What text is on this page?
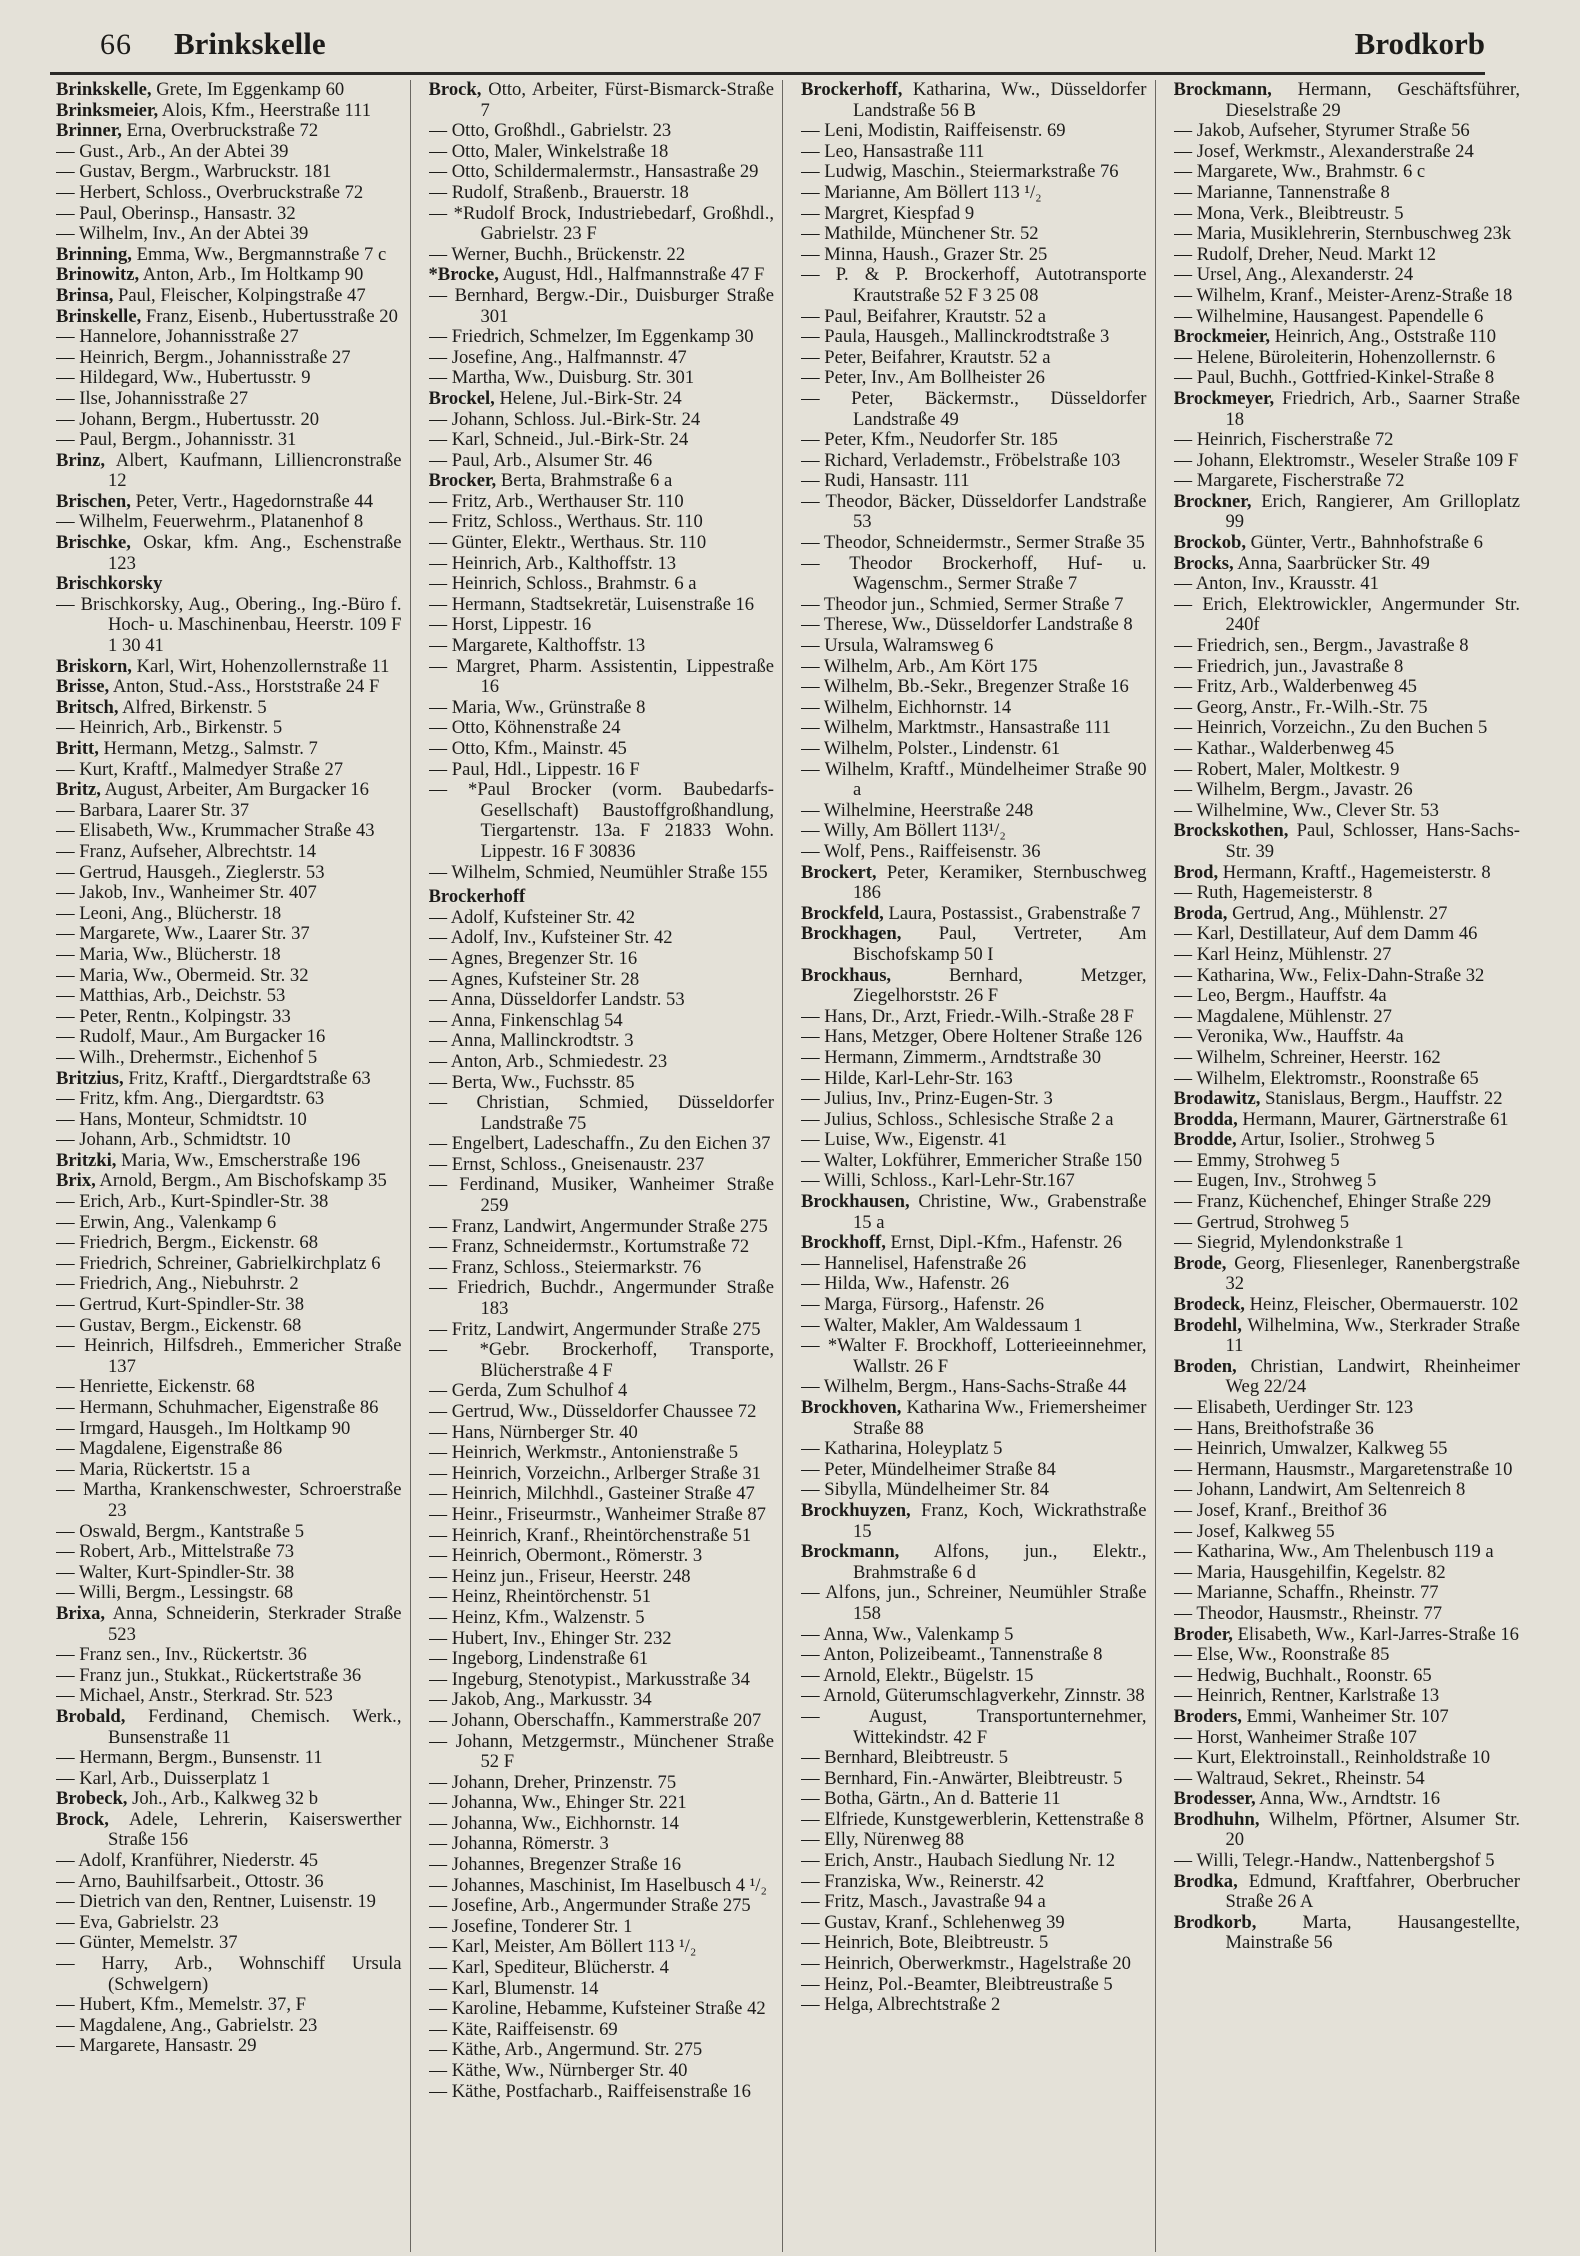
66 Brinkskelle	Brodkorb

Brinkskelle, Grete, Im Eggenkamp 60

Brinksmeier, Alois, Kfm., Heerstraße 111

Brinner, Erna, Overbruckstraße 72

— Gust., Arb., An der Abtei 39

— Gustav, Bergm., Warbruckstr. 181

— Herbert, Schloss., Overbruckstraße 72

— Paul, Oberinsp., Hansastr. 32

— Wilhelm, Inv., An der Abtei 39

Brinning, Emma, Ww., Bergmannstraße 7 c

Brinowitz, Anton, Arb., Im Holtkamp 90

Brinsa, Paul, Fleischer, Kolpingstraße 47

Brinskelle, Franz, Eisenb., Hubertusstraße 20

— Hannelore, Johannisstraße 27

— Heinrich, Bergm., Johannisstraße 27

— Hildegard, Ww., Hubertusstr. 9

— Ilse, Johannisstraße 27

— Johann, Bergm., Hubertusstr. 20

— Paul, Bergm., Johannisstr. 31

Brinz, Albert, Kaufmann, Lilliencronstraße 12

Brischen, Peter, Vertr., Hagedornstraße 44

— Wilhelm, Feuerwehrm., Platanenhof 8

Brischke, Oskar, kfm. Ang., Eschenstraße 123

Brischkorsky

— Brischkorsky, Aug., Obering., Ing.-Büro f. Hoch- u. Maschinenbau, Heerstr. 109 F 1 30 41

Briskorn, Karl, Wirt, Hohenzollernstraße 11

Brisse, Anton, Stud.-Ass., Horststraße 24 F

Britsch, Alfred, Birkenstr. 5

— Heinrich, Arb., Birkenstr. 5

Britt, Hermann, Metzg., Salmstr. 7

— Kurt, Kraftf., Malmedyer Straße 27

Britz, August, Arbeiter, Am Burgacker 16

— Barbara, Laarer Str. 37

— Elisabeth, Ww., Krummacher Straße 43

— Franz, Aufseher, Albrechtstr. 14

— Gertrud, Hausgeh., Zieglerstr. 53

— Jakob, Inv., Wanheimer Str. 407

— Leoni, Ang., Blücherstr. 18

— Margarete, Ww., Laarer Str. 37

— Maria, Ww., Blücherstr. 18

— Maria, Ww., Obermeid. Str. 32

— Matthias, Arb., Deichstr. 53

— Peter, Rentn., Kolpingstr. 33

— Rudolf, Maur., Am Burgacker 16

— Wilh., Drehermstr., Eichenhof 5

Britzius, Fritz, Kraftf., Diergardtstraße 63

— Fritz, kfm. Ang., Diergardtstr. 63

— Hans, Monteur, Schmidtstr. 10

— Johann, Arb., Schmidtstr. 10

Britzki, Maria, Ww., Emscherstraße 196

Brix, Arnold, Bergm., Am Bischofskamp 35

— Erich, Arb., Kurt-Spindler-Str. 38

— Erwin, Ang., Valenkamp 6

— Friedrich, Bergm., Eickenstr. 68

— Friedrich, Schreiner, Gabrielkirchplatz 6

— Friedrich, Ang., Niebuhrstr. 2

— Gertrud, Kurt-Spindler-Str. 38

— Gustav, Bergm., Eickenstr. 68

— Heinrich, Hilfsdreh., Emmericher Straße 137

— Henriette, Eickenstr. 68

— Hermann, Schuhmacher, Eigenstraße 86

— Irmgard, Hausgeh., Im Holtkamp 90

— Magdalene, Eigenstraße 86

— Maria, Rückertstr. 15 a

— Martha, Krankenschwester, Schroerstraße 23

— Oswald, Bergm., Kantstraße 5

— Robert, Arb., Mittelstraße 73

— Walter, Kurt-Spindler-Str. 38

— Willi, Bergm., Lessingstr. 68

Brixa, Anna, Schneiderin, Sterkrader Straße 523

— Franz sen., Inv., Rückertstr. 36

— Franz jun., Stukkat., Rückertstraße 36

— Michael, Anstr., Sterkrad. Str. 523

Brobald, Ferdinand, Chemisch. Werk., Bunsenstraße 11

— Hermann, Bergm., Bunsenstr. 11

— Karl, Arb., Duisserplatz 1

Brobeck, Joh., Arb., Kalkweg 32 b

Brock, Adele, Lehrerin, Kaiserswerther Straße 156

— Adolf, Kranführer, Niederstr. 45

— Arno, Bauhilfsarbeit., Ottostr. 36

— Dietrich van den, Rentner, Luisenstr. 19

— Eva, Gabrielstr. 23

— Günter, Memelstr. 37

— Harry, Arb., Wohnschiff Ursula (Schwelgern)

— Hubert, Kfm., Memelstr. 37, F

— Magdalene, Ang., Gabrielstr. 23

— Margarete, Hansastr. 29

Brock, Otto, Arbeiter, Fürst-Bismarck-Straße 7

— Otto, Großhdl., Gabrielstr. 23

— Otto, Maler, Winkelstraße 18

— Otto, Schildermalermstr., Hansastraße 29

— Rudolf, Straßenb., Brauerstr. 18

— *Rudolf Brock, Industriebedarf, Großhdl., Gabrielstr. 23 F

— Werner, Buchh., Brückenstr. 22

*Brocke, August, Hdl., Halfmannstraße 47 F

— Bernhard, Bergw.-Dir., Duisburger Straße 301

— Friedrich, Schmelzer, Im Eggenkamp 30

— Josefine, Ang., Halfmannstr. 47

— Martha, Ww., Duisburg. Str. 301

Brockel, Helene, Jul.-Birk-Str. 24

— Johann, Schloss. Jul.-Birk-Str. 24

— Karl, Schneid., Jul.-Birk-Str. 24

— Paul, Arb., Alsumer Str. 46

Brocker, Berta, Brahmstraße 6 a

— Fritz, Arb., Werthauser Str. 110

— Fritz, Schloss., Werthaus. Str. 110

— Günter, Elektr., Werthaus. Str. 110

— Heinrich, Arb., Kalthoffstr. 13

— Heinrich, Schloss., Brahmstr. 6 a

— Hermann, Stadtsekretär, Luisenstraße 16

— Horst, Lippestr. 16

— Margarete, Kalthoffstr. 13

— Margret, Pharm. Assistentin, Lippestraße 16

— Maria, Ww., Grünstraße 8

— Otto, Köhnenstraße 24

— Otto, Kfm., Mainstr. 45

— Paul, Hdl., Lippestr. 16 F

— *Paul Brocker (vorm. Baubedarfs-Gesellschaft) Baustoffgroßhandlung, Tiergartenstr. 13a. F 21833 Wohn. Lippestr. 16 F 30836

— Wilhelm, Schmied, Neumühler Straße 155

Brockerhoff

— Adolf, Kufsteiner Str. 42

— Adolf, Inv., Kufsteiner Str. 42

— Agnes, Bregenzer Str. 16

— Agnes, Kufsteiner Str. 28

— Anna, Düsseldorfer Landstr. 53

— Anna, Finkenschlag 54

— Anna, Mallinckrodtstr. 3

— Anton, Arb., Schmiedestr. 23

— Berta, Ww., Fuchsstr. 85

— Christian, Schmied, Düsseldorfer Landstraße 75

— Engelbert, Ladeschaffn., Zu den Eichen 37

— Ernst, Schloss., Gneisenaustr. 237

— Ferdinand, Musiker, Wanheimer Straße 259

— Franz, Landwirt, Angermunder Straße 275

— Franz, Schneidermstr., Kortumstraße 72

— Franz, Schloss., Steiermarkstr. 76

— Friedrich, Buchdr., Angermunder Straße 183

— Fritz, Landwirt, Angermunder Straße 275

— *Gebr. Brockerhoff, Transporte, Blücherstraße 4 F

— Gerda, Zum Schulhof 4

— Gertrud, Ww., Düsseldorfer Chaussee 72

— Hans, Nürnberger Str. 40

— Heinrich, Werkmstr., Antonienstraße 5

— Heinrich, Vorzeichn., Arlberger Straße 31

— Heinrich, Milchhdl., Gasteiner Straße 47

— Heinr., Friseurmstr., Wanheimer Straße 87

— Heinrich, Kranf., Rheintörchenstraße 51

— Heinrich, Obermont., Römerstr. 3

— Heinz jun., Friseur, Heerstr. 248

— Heinz, Rheintörchenstr. 51

— Heinz, Kfm., Walzenstr. 5

— Hubert, Inv., Ehinger Str. 232

— Ingeborg, Lindenstraße 61

— Ingeburg, Stenotypist., Markusstraße 34

— Jakob, Ang., Markusstr. 34

— Johann, Oberschaffn., Kammerstraße 207

— Johann, Metzgermstr., Münchener Straße 52 F

— Johann, Dreher, Prinzenstr. 75

— Johanna, Ww., Ehinger Str. 221

— Johanna, Ww., Eichhornstr. 14

— Johanna, Römerstr. 3

— Johannes, Bregenzer Straße 16

— Johannes, Maschinist, Im Haselbusch 4 ¹/₂

— Josefine, Arb., Angermunder Straße 275

— Josefine, Tonderer Str. 1

— Karl, Meister, Am Böllert 113 ¹/₂

— Karl, Spediteur, Blücherstr. 4

— Karl, Blumenstr. 14

— Karoline, Hebamme, Kufsteiner Straße 42

— Käte, Raiffeisenstr. 69

— Käthe, Arb., Angermund. Str. 275

— Käthe, Ww., Nürnberger Str. 40

— Käthe, Postfacharb., Raiffeisenstraße 16

Brockerhoff, Katharina, Ww., Düsseldorfer Landstraße 56 B

— Leni, Modistin, Raiffeisenstr. 69

— Leo, Hansastraße 111

— Ludwig, Maschin., Steiermarkstraße 76

— Marianne, Am Böllert 113 ¹/₂

— Margret, Kiespfad 9

— Mathilde, Münchener Str. 52

— Minna, Haush., Grazer Str. 25

— P. & P. Brockerhoff, Autotransporte Krautstraße 52 F 3 25 08

— Paul, Beifahrer, Krautstr. 52 a

— Paula, Hausgeh., Mallinckrodtstraße 3

— Peter, Beifahrer, Krautstr. 52 a

— Peter, Inv., Am Bollheister 26

— Peter, Bäckermstr., Düsseldorfer Landstraße 49

— Peter, Kfm., Neudorfer Str. 185

— Richard, Verlademstr., Fröbelstraße 103

— Rudi, Hansastr. 111

— Theodor, Bäcker, Düsseldorfer Landstraße 53

— Theodor, Schneidermstr., Sermer Straße 35

— Theodor Brockerhoff, Huf- u. Wagenschm., Sermer Straße 7

— Theodor jun., Schmied, Sermer Straße 7

— Therese, Ww., Düsseldorfer Landstraße 8

— Ursula, Walramsweg 6

— Wilhelm, Arb., Am Kört 175

— Wilhelm, Bb.-Sekr., Bregenzer Straße 16

— Wilhelm, Eichhornstr. 14

— Wilhelm, Marktmstr., Hansastraße 111

— Wilhelm, Polster., Lindenstr. 61

— Wilhelm, Kraftf., Mündelheimer Straße 90 a

— Wilhelmine, Heerstraße 248

— Willy, Am Böllert 113¹/₂

— Wolf, Pens., Raiffeisenstr. 36

Brockert, Peter, Keramiker, Sternbuschweg 186

Brockfeld, Laura, Postassist., Grabenstraße 7

Brockhagen, Paul, Vertreter, Am Bischofskamp 50 I

Brockhaus,	Bernhard, Metzger, Ziegelhorststr. 26 F

— Hans, Dr., Arzt, Friedr.-Wilh.-Straße 28 F

— Hans, Metzger, Obere Holtener Straße 126

— Hermann, Zimmerm., Arndtstraße 30

— Hilde, Karl-Lehr-Str. 163

— Julius, Inv., Prinz-Eugen-Str. 3

— Julius, Schloss., Schlesische Straße 2 a

— Luise, Ww., Eigenstr. 41

— Walter, Lokführer, Emmericher Straße 150

— Willi, Schloss., Karl-Lehr-Str.167

Brockhausen, Christine, Ww., Grabenstraße 15 a

Brockhoff, Ernst, Dipl.-Kfm., Hafenstr. 26

— Hannelisel, Hafenstraße 26

— Hilda, Ww., Hafenstr. 26

— Marga, Fürsorg., Hafenstr. 26

— Walter, Makler, Am Waldessaum 1

— *Walter F. Brockhoff, Lotterieeinnehmer, Wallstr. 26 F

— Wilhelm, Bergm., Hans-Sachs-Straße 44

Brockhoven, Katharina Ww., Friemersheimer Straße 88

— Katharina, Holeyplatz 5

— Peter, Mündelheimer Straße 84

— Sibylla, Mündelheimer Str. 84

Brockhuyzen, Franz, Koch, Wickrathstraße 15

Brockmann, Alfons, jun., Elektr., Brahmstraße 6 d

— Alfons, jun., Schreiner, Neumühler Straße 158

— Anna, Ww., Valenkamp 5

— Anton, Polizeibeamt., Tannenstraße 8

— Arnold, Elektr., Bügelstr. 15

— Arnold, Güterumschlagverkehr, Zinnstr. 38

— August, Transportunternehmer, Wittekindstr. 42 F

— Bernhard, Bleibtreustr. 5

— Bernhard, Fin.-Anwärter, Bleibtreustr. 5

— Botha, Gärtn., An d. Batterie 11

— Elfriede, Kunstgewerblerin, Kettenstraße 8

— Elly, Nürenweg 88

— Erich, Anstr., Haubach Siedlung Nr. 12

— Franziska, Ww., Reinerstr. 42

— Fritz, Masch., Javastraße 94 a

— Gustav, Kranf., Schlehenweg 39

— Heinrich, Bote, Bleibtreustr. 5

— Heinrich, Oberwerkmstr., Hagelstraße 20

— Heinz, Pol.-Beamter, Bleibtreustraße 5

— Helga, Albrechtstraße 2

Brockmann, Hermann, Geschäftsführer, Dieselstraße 29

— Jakob, Aufseher, Styrumer Straße 56

— Josef, Werkmstr., Alexanderstraße 24

— Margarete, Ww., Brahmstr. 6 c

— Marianne, Tannenstraße 8

— Mona, Verk., Bleibtreustr. 5

— Maria, Musiklehrerin, Sternbuschweg 23k

— Rudolf, Dreher, Neud. Markt 12

— Ursel, Ang., Alexanderstr. 24

— Wilhelm, Kranf., Meister-Arenz-Straße 18

— Wilhelmine, Hausangest. Papendelle 6

Brockmeier, Heinrich, Ang., Oststraße 110

— Helene, Büroleiterin, Hohenzollernstr. 6

— Paul, Buchh., Gottfried-Kinkel-Straße 8

Brockmeyer, Friedrich, Arb., Saarner Straße 18

— Heinrich, Fischerstraße 72

— Johann, Elektromstr., Weseler Straße 109 F

— Margarete, Fischerstraße 72

Brockner, Erich, Rangierer, Am Grilloplatz 99

Brockob, Günter, Vertr., Bahnhofstraße 6

Brocks, Anna, Saarbrücker Str. 49

— Anton, Inv., Krausstr. 41

— Erich, Elektrowickler, Angermunder Str. 240f

— Friedrich, sen., Bergm., Javastraße 8

— Friedrich, jun., Javastraße 8

— Fritz, Arb., Walderbenweg 45

— Georg, Anstr., Fr.-Wilh.-Str. 75

— Heinrich, Vorzeichn., Zu den Buchen 5

— Kathar., Walderbenweg 45

— Robert, Maler, Moltkestr. 9

— Wilhelm, Bergm., Javastr. 26

— Wilhelmine, Ww., Clever Str. 53

Brockskothen, Paul, Schlosser, Hans-Sachs-Str. 39

Brod, Hermann, Kraftf., Hagemeisterstr. 8

— Ruth, Hagemeisterstr. 8

Broda, Gertrud, Ang., Mühlenstr. 27

— Karl, Destillateur, Auf dem Damm 46

— Karl Heinz, Mühlenstr. 27

— Katharina, Ww., Felix-Dahn-Straße 32

— Leo, Bergm., Hauffstr. 4a

— Magdalene, Mühlenstr. 27

— Veronika, Ww., Hauffstr. 4a

— Wilhelm, Schreiner, Heerstr. 162

— Wilhelm, Elektromstr., Roonstraße 65

Brodawitz, Stanislaus, Bergm., Hauffstr. 22

Brodda, Hermann, Maurer, Gärtnerstraße 61

Brodde, Artur, Isolier., Strohweg 5

— Emmy, Strohweg 5

— Eugen, Inv., Strohweg 5

— Franz, Küchenchef, Ehinger Straße 229

— Gertrud, Strohweg 5

— Siegrid, Mylendonkstraße 1

Brode, Georg, Fliesenleger, Ranenbergstraße 32

Brodeck, Heinz, Fleischer, Obermauerstr. 102

Brodehl, Wilhelmina, Ww., Sterkrader Straße 11

Broden, Christian, Landwirt, Rheinheimer Weg 22/24

— Elisabeth, Uerdinger Str. 123

— Hans, Breithofstraße 36

— Heinrich, Umwalzer, Kalkweg 55

— Hermann, Hausmstr., Margaretenstraße 10

— Johann, Landwirt, Am Seltenreich 8

— Josef, Kranf., Breithof 36

— Josef, Kalkweg 55

— Katharina, Ww., Am Thelenbusch 119 a

— Maria, Hausgehilfin, Kegelstr. 82

— Marianne, Schaffn., Rheinstr. 77

— Theodor, Hausmstr., Rheinstr. 77

Broder, Elisabeth, Ww., Karl-Jarres-Straße 16

— Else, Ww., Roonstraße 85

— Hedwig, Buchhalt., Roonstr. 65

— Heinrich, Rentner, Karlstraße 13

Broders, Emmi, Wanheimer Str. 107

— Horst, Wanheimer Straße 107

— Kurt, Elektroinstall., Reinholdstraße 10

— Waltraud, Sekret., Rheinstr. 54

Brodesser, Anna, Ww., Arndtstr. 16

Brodhuhn, Wilhelm, Pförtner, Alsumer Str. 20

— Willi, Telegr.-Handw., Nattenbergshof 5

Brodka, Edmund, Kraftfahrer, Oberbrucher Straße 26 A

Brodkorb, Marta, Hausangestellte, Mainstraße 56
